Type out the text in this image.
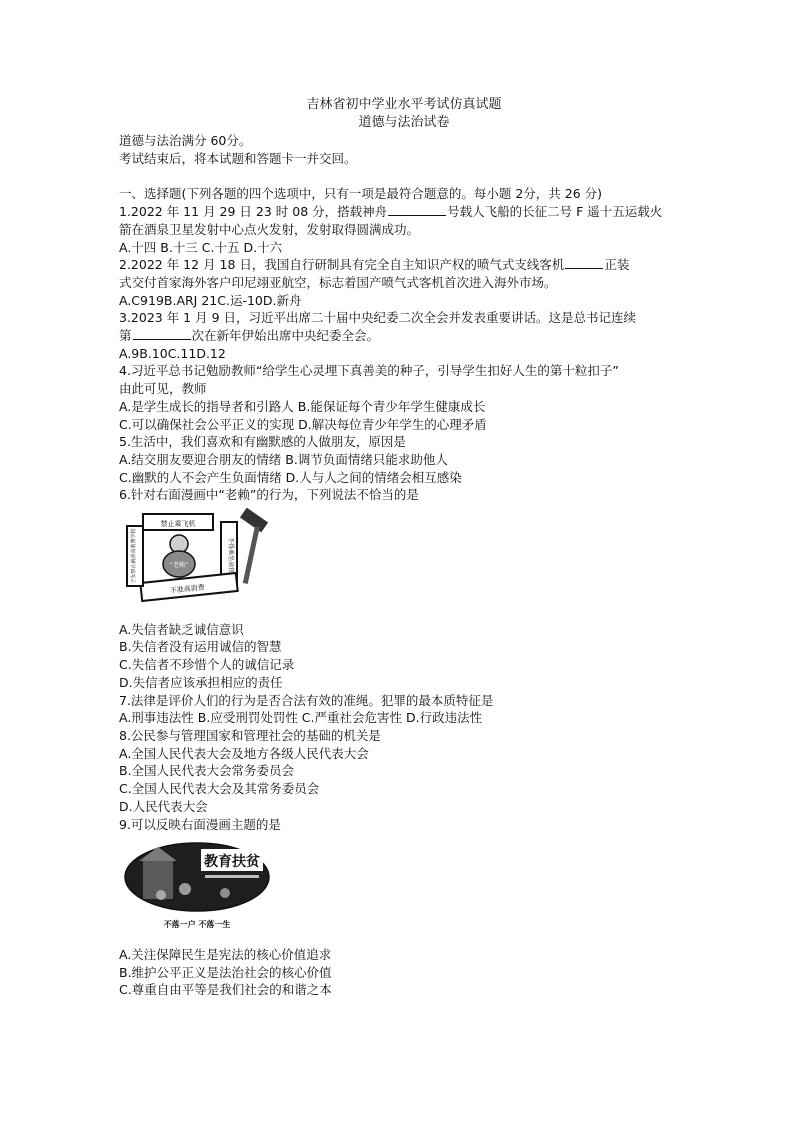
吉林省初中学业水平考试仿真试题
道德与法治试卷
道德与法治满分 60分。
考试结束后，将本试题和答题卡一并交回。
一、选择题(下列各题的四个选项中，只有一项是最符合题意的。每小题 2分，共 26 分)
1.2022 年 11 月 29 日 23 时 08 分，搭载神舟	号载人飞船的长征二号 F 遥十五运载火
箭在酒泉卫星发射中心点火发射，发射取得圆满成功。
A.十四 B.十三 C.十五 D.十六
2.2022 年 12 月 18 日，我国自行研制具有完全自主知识产权的喷气式支线客机	正装
式交付首家海外客户印尼翊亚航空，标志着国产喷气式客机首次进入海外市场。
A.C919B.ARJ 21C.运-10D.新舟
3.2023 年 1 月 9 日，习近平出席二十届中央纪委二次全会并发表重要讲话。这是总书记连续
第	次在新年伊始出席中央纪委全会。
A.9B.10C.11D.12
4.习近平总书记勉励教师“给学生心灵埋下真善美的种子，引导学生扣好人生的第十粒扣子”
由此可见，教师
A.是学生成长的指导者和引路人 B.能保证每个青少年学生健康成长
C.可以确保社会公平正义的实现 D.解决每位青少年学生的心理矛盾
5.生活中，我们喜欢和有幽默感的人做朋友，原因是
A.结交朋友要迎合朋友的情绪 B.调节负面情绪只能求助他人
C.幽默的人不会产生负面情绪 D.人与人之间的情绪会相互感染
6.针对右面漫画中“老赖”的行为，下列说法不恰当的是
禁止乘飞机
不得乘坐高铁
不准高消费
子女禁止就读高收费学校	“老赖”
A.失信者缺乏诚信意识
B.失信者没有运用诚信的智慧
C.失信者不珍惜个人的诚信记录
D.失信者应该承担相应的责任
7.法律是评价人们的行为是否合法有效的准绳。犯罪的最本质特征是
A.刑事违法性 B.应受刑罚处罚性 C.严重社会危害性 D.行政违法性
8.公民参与管理国家和管理社会的基础的机关是
A.全国人民代表大会及地方各级人民代表大会
B.全国人民代表大会常务委员会
C.全国人民代表大会及其常务委员会
D.人民代表大会
9.可以反映右面漫画主题的是
教育扶贫
不落一户 不落一生
A.关注保障民生是宪法的核心价值追求
B.维护公平正义是法治社会的核心价值
C.尊重自由平等是我们社会的和谐之本
